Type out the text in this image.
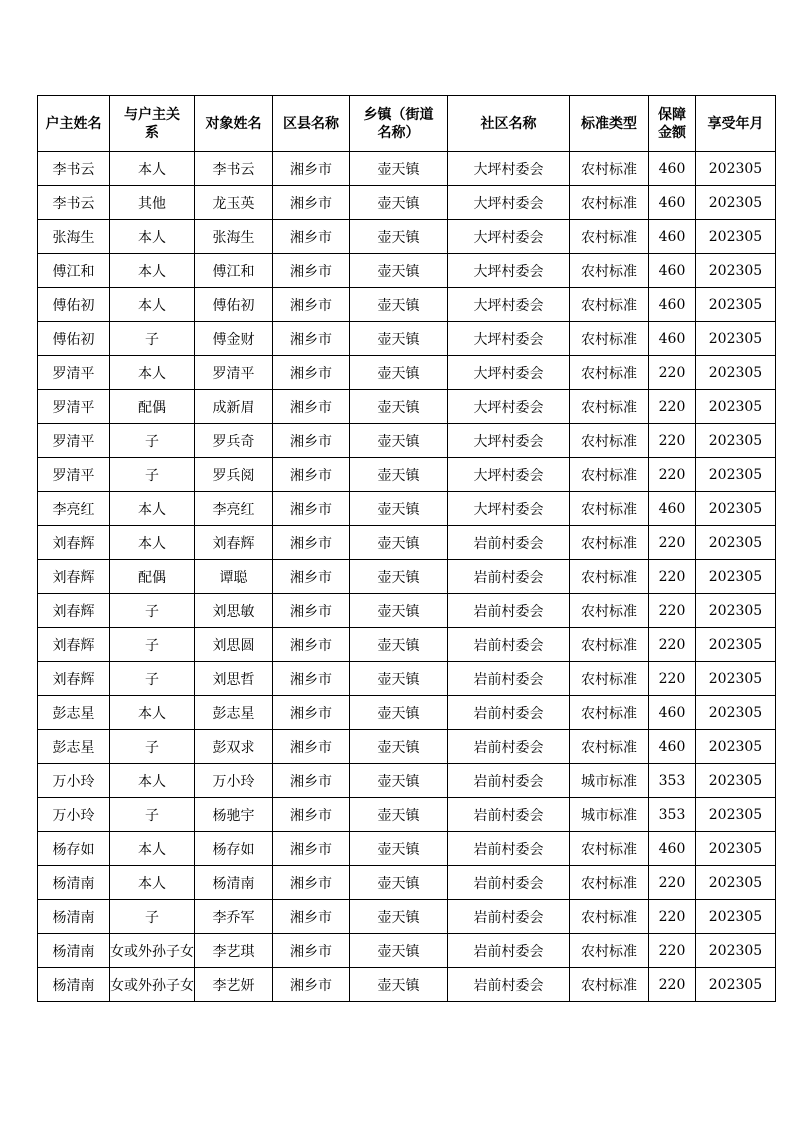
户主姓名	与户主关系	对象姓名	区县名称	乡镇（街道名称）	社区名称	标准类型	保障金额	享受年月
李书云	本人	李书云	湘乡市	壶天镇	大坪村委会	农村标准	460	202305
李书云	其他	龙玉英	湘乡市	壶天镇	大坪村委会	农村标准	460	202305
张海生	本人	张海生	湘乡市	壶天镇	大坪村委会	农村标准	460	202305
傅江和	本人	傅江和	湘乡市	壶天镇	大坪村委会	农村标准	460	202305
傅佑初	本人	傅佑初	湘乡市	壶天镇	大坪村委会	农村标准	460	202305
傅佑初	子	傅金财	湘乡市	壶天镇	大坪村委会	农村标准	460	202305
罗清平	本人	罗清平	湘乡市	壶天镇	大坪村委会	农村标准	220	202305
罗清平	配偶	成新眉	湘乡市	壶天镇	大坪村委会	农村标准	220	202305
罗清平	子	罗兵奇	湘乡市	壶天镇	大坪村委会	农村标准	220	202305
罗清平	子	罗兵阅	湘乡市	壶天镇	大坪村委会	农村标准	220	202305
李亮红	本人	李亮红	湘乡市	壶天镇	大坪村委会	农村标准	460	202305
刘春辉	本人	刘春辉	湘乡市	壶天镇	岩前村委会	农村标准	220	202305
刘春辉	配偶	谭聪	湘乡市	壶天镇	岩前村委会	农村标准	220	202305
刘春辉	子	刘思敏	湘乡市	壶天镇	岩前村委会	农村标准	220	202305
刘春辉	子	刘思圆	湘乡市	壶天镇	岩前村委会	农村标准	220	202305
刘春辉	子	刘思哲	湘乡市	壶天镇	岩前村委会	农村标准	220	202305
彭志星	本人	彭志星	湘乡市	壶天镇	岩前村委会	农村标准	460	202305
彭志星	子	彭双求	湘乡市	壶天镇	岩前村委会	农村标准	460	202305
万小玲	本人	万小玲	湘乡市	壶天镇	岩前村委会	城市标准	353	202305
万小玲	子	杨驰宇	湘乡市	壶天镇	岩前村委会	城市标准	353	202305
杨存如	本人	杨存如	湘乡市	壶天镇	岩前村委会	农村标准	460	202305
杨清南	本人	杨清南	湘乡市	壶天镇	岩前村委会	农村标准	220	202305
杨清南	子	李乔军	湘乡市	壶天镇	岩前村委会	农村标准	220	202305
杨清南	女或外孙子女	李艺琪	湘乡市	壶天镇	岩前村委会	农村标准	220	202305
杨清南	女或外孙子女	李艺妍	湘乡市	壶天镇	岩前村委会	农村标准	220	202305
